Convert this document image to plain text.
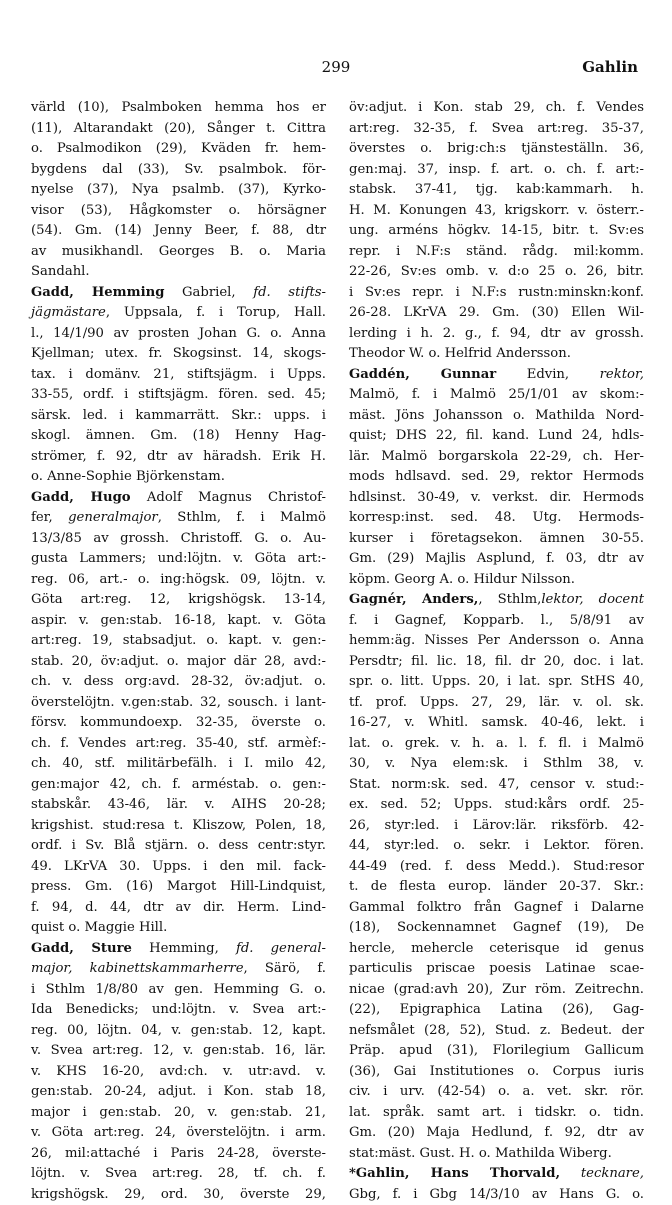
299	Gahlin
värld (10), Psalmboken hemma hos er
(11), Altarandakt (20), Sånger t. Cittra
o. Psalmodikon (29), Kväden fr. hem-
bygdens dal (33), Sv. psalmbok. för-
nyelse (37), Nya psalmb. (37), Kyrko-
visor (53), Hågkomster o. hörsägner
(54). Gm. (14) Jenny Beer, f. 88, dtr
av musikhandl. Georges B. o. Maria
Sandahl.
Gadd, Hemming Gabriel, fd. stifts-
jägmästare, Uppsala, f. i Torup, Hall.
l., 14/1/90 av prosten Johan G. o. Anna
Kjellman; utex. fr. Skogsinst. 14, skogs-
tax. i domänv. 21, stiftsjägm. i Upps.
33-55, ordf. i stiftsjägm. fören. sed. 45;
särsk. led. i kammarrätt. Skr.: upps. i
skogl. ämnen. Gm. (18) Henny Hag-
strömer, f. 92, dtr av häradsh. Erik H.
o. Anne-Sophie Björkenstam.
Gadd, Hugo Adolf Magnus Christof-
fer, generalmajor, Sthlm, f. i Malmö
13/3/85 av grossh. Christoff. G. o. Au-
gusta Lammers; und:löjtn. v. Göta art:-
reg. 06, art.- o. ing:högsk. 09, löjtn. v.
Göta art:reg. 12, krigshögsk. 13-14,
aspir. v. gen:stab. 16-18, kapt. v. Göta
art:reg. 19, stabsadjut. o. kapt. v. gen:-
stab. 20, öv:adjut. o. major där 28, avd:-
ch. v. dess org:avd. 28-32, öv:adjut. o.
överstelöjtn. v.gen:stab. 32, sousch. i lant-
försv. kommundoexp. 32-35, överste o.
ch. f. Vendes art:reg. 35-40, stf. armèf:-
ch. 40, stf. militärbefälh. i I. milo 42,
gen:major 42, ch. f. arméstab. o. gen:-
stabskår. 43-46, lär. v. AIHS 20-28;
krigshist. stud:resa t. Kliszow, Polen, 18,
ordf. i Sv. Blå stjärn. o. dess centr:styr.
49. LKrVA 30. Upps. i den mil. fack-
press. Gm. (16) Margot Hill-Lindquist,
f. 94, d. 44, dtr av dir. Herm. Lind-
quist o. Maggie Hill.
Gadd, Sture Hemming, fd. general-
major, kabinettskammarherre, Särö, f.
i Sthlm 1/8/80 av gen. Hemming G. o.
Ida Benedicks; und:löjtn. v. Svea art:-
reg. 00, löjtn. 04, v. gen:stab. 12, kapt.
v. Svea art:reg. 12, v. gen:stab. 16, lär.
v. KHS 16-20, avd:ch. v. utr:avd. v.
gen:stab. 20-24, adjut. i Kon. stab 18,
major i gen:stab. 20, v. gen:stab. 21,
v. Göta art:reg. 24, överstelöjtn. i arm.
26, mil:attaché i Paris 24-28, överste-
löjtn. v. Svea art:reg. 28, tf. ch. f.
krigshögsk. 29, ord. 30, överste 29,
öv:adjut. i Kon. stab 29, ch. f. Vendes
art:reg. 32-35, f. Svea art:reg. 35-37,
överstes o. brig:ch:s tjänsteställn. 36,
gen:maj. 37, insp. f. art. o. ch. f. art:-
stabsk. 37-41, tjg. kab:kammarh. h.
H. M. Konungen 43, krigskorr. v. österr.-
ung. arméns högkv. 14-15, bitr. t. Sv:es
repr. i N.F:s ständ. rådg. mil:komm.
22-26, Sv:es omb. v. d:o 25 o. 26, bitr.
i Sv:es repr. i N.F:s rustn:minskn:konf.
26-28. LKrVA 29. Gm. (30) Ellen Wil-
lerding i h. 2. g., f. 94, dtr av grossh.
Theodor W. o. Helfrid Andersson.
Gaddén, Gunnar Edvin, rektor,
Malmö, f. i Malmö 25/1/01 av skom:-
mäst. Jöns Johansson o. Mathilda Nord-
quist; DHS 22, fil. kand. Lund 24, hdls-
lär. Malmö borgarskola 22-29, ch. Her-
mods hdlsavd. sed. 29, rektor Hermods
hdlsinst. 30-49, v. verkst. dir. Hermods
korresp:inst. sed. 48. Utg. Hermods-
kurser i företagsekon. ämnen 30-55.
Gm. (29) Majlis Asplund, f. 03, dtr av
köpm. Georg A. o. Hildur Nilsson.
Gagnér, Anders,, Sthlm,lektor, docent
f. i Gagnef, Kopparb. l., 5/8/91 av
hemm:äg. Nisses Per Andersson o. Anna
Persdtr; fil. lic. 18, fil. dr 20, doc. i lat.
spr. o. litt. Upps. 20, i lat. spr. StHS 40,
tf. prof. Upps. 27, 29, lär. v. ol. sk.
16-27, v. Whitl. samsk. 40-46, lekt. i
lat. o. grek. v. h. a. l. f. fl. i Malmö
30, v. Nya elem:sk. i Sthlm 38, v.
Stat. norm:sk. sed. 47, censor v. stud:-
ex. sed. 52; Upps. stud:kårs ordf. 25-
26, styr:led. i Lärov:lär. riksförb. 42-
44, styr:led. o. sekr. i Lektor. fören.
44-49 (red. f. dess Medd.). Stud:resor
t. de flesta europ. länder 20-37. Skr.:
Gammal folktro från Gagnef i Dalarne
(18), Sockennamnet Gagnef (19), De
hercle, mehercle ceterisque id genus
particulis priscae poesis Latinae scae-
nicae (grad:avh 20), Zur röm. Zeitrechn.
(22), Epigraphica Latina (26), Gag-
nefsmålet (28, 52), Stud. z. Bedeut. der
Präp. apud (31), Florilegium Gallicum
(36), Gai Institutiones o. Corpus iuris
civ. i urv. (42-54) o. a. vet. skr. rör.
lat. språk. samt art. i tidskr. o. tidn.
Gm. (20) Maja Hedlund, f. 92, dtr av
stat:mäst. Gust. H. o. Mathilda Wiberg.
*Gahlin, Hans Thorvald, tecknare,
Gbg, f. i Gbg 14/3/10 av Hans G. o.
